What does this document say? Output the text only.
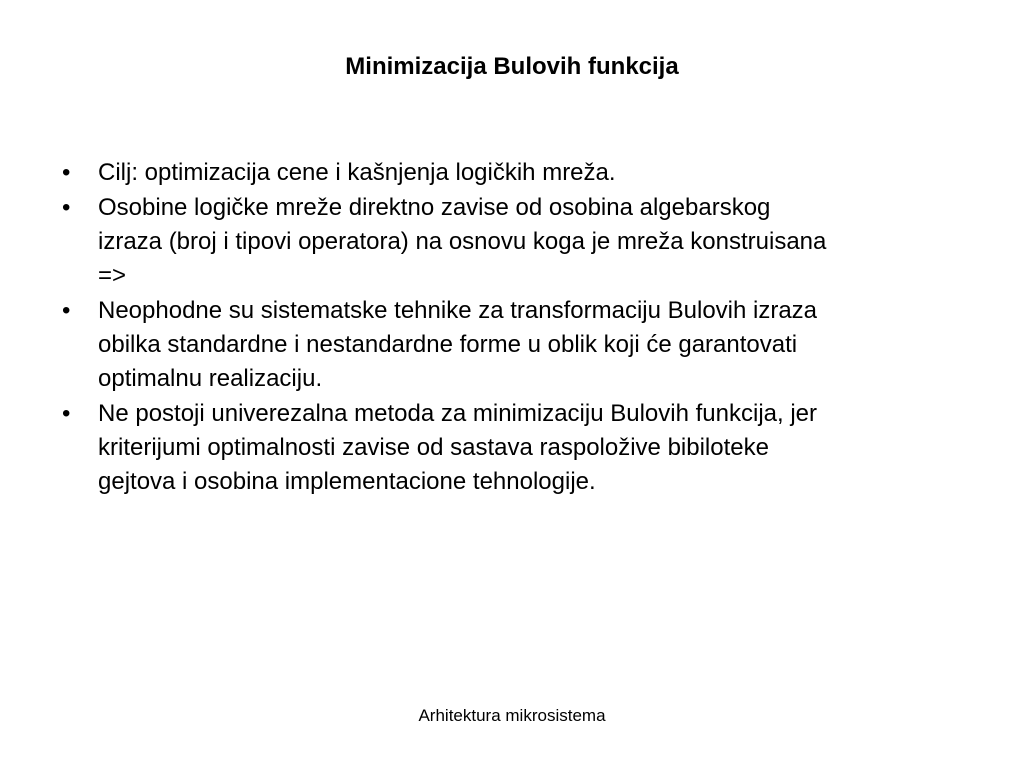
Minimizacija Bulovih funkcija
•	Cilj: optimizacija cene i kašnjenja logičkih mreža.
•	Osobine logičke mreže direktno zavise od osobina algebarskog
izraza (broj i tipovi operatora) na osnovu koga je mreža konstruisana
=>
•	Neophodne su sistematske tehnike za transformaciju Bulovih izraza
obilka standardne i nestandardne forme u oblik koji će garantovati
optimalnu realizaciju.
•	Ne postoji univerezalna metoda za minimizaciju Bulovih funkcija, jer
kriterijumi optimalnosti zavise od sastava raspoložive bibiloteke
gejtova i osobina implementacione tehnologije.
Arhitektura mikrosistema
